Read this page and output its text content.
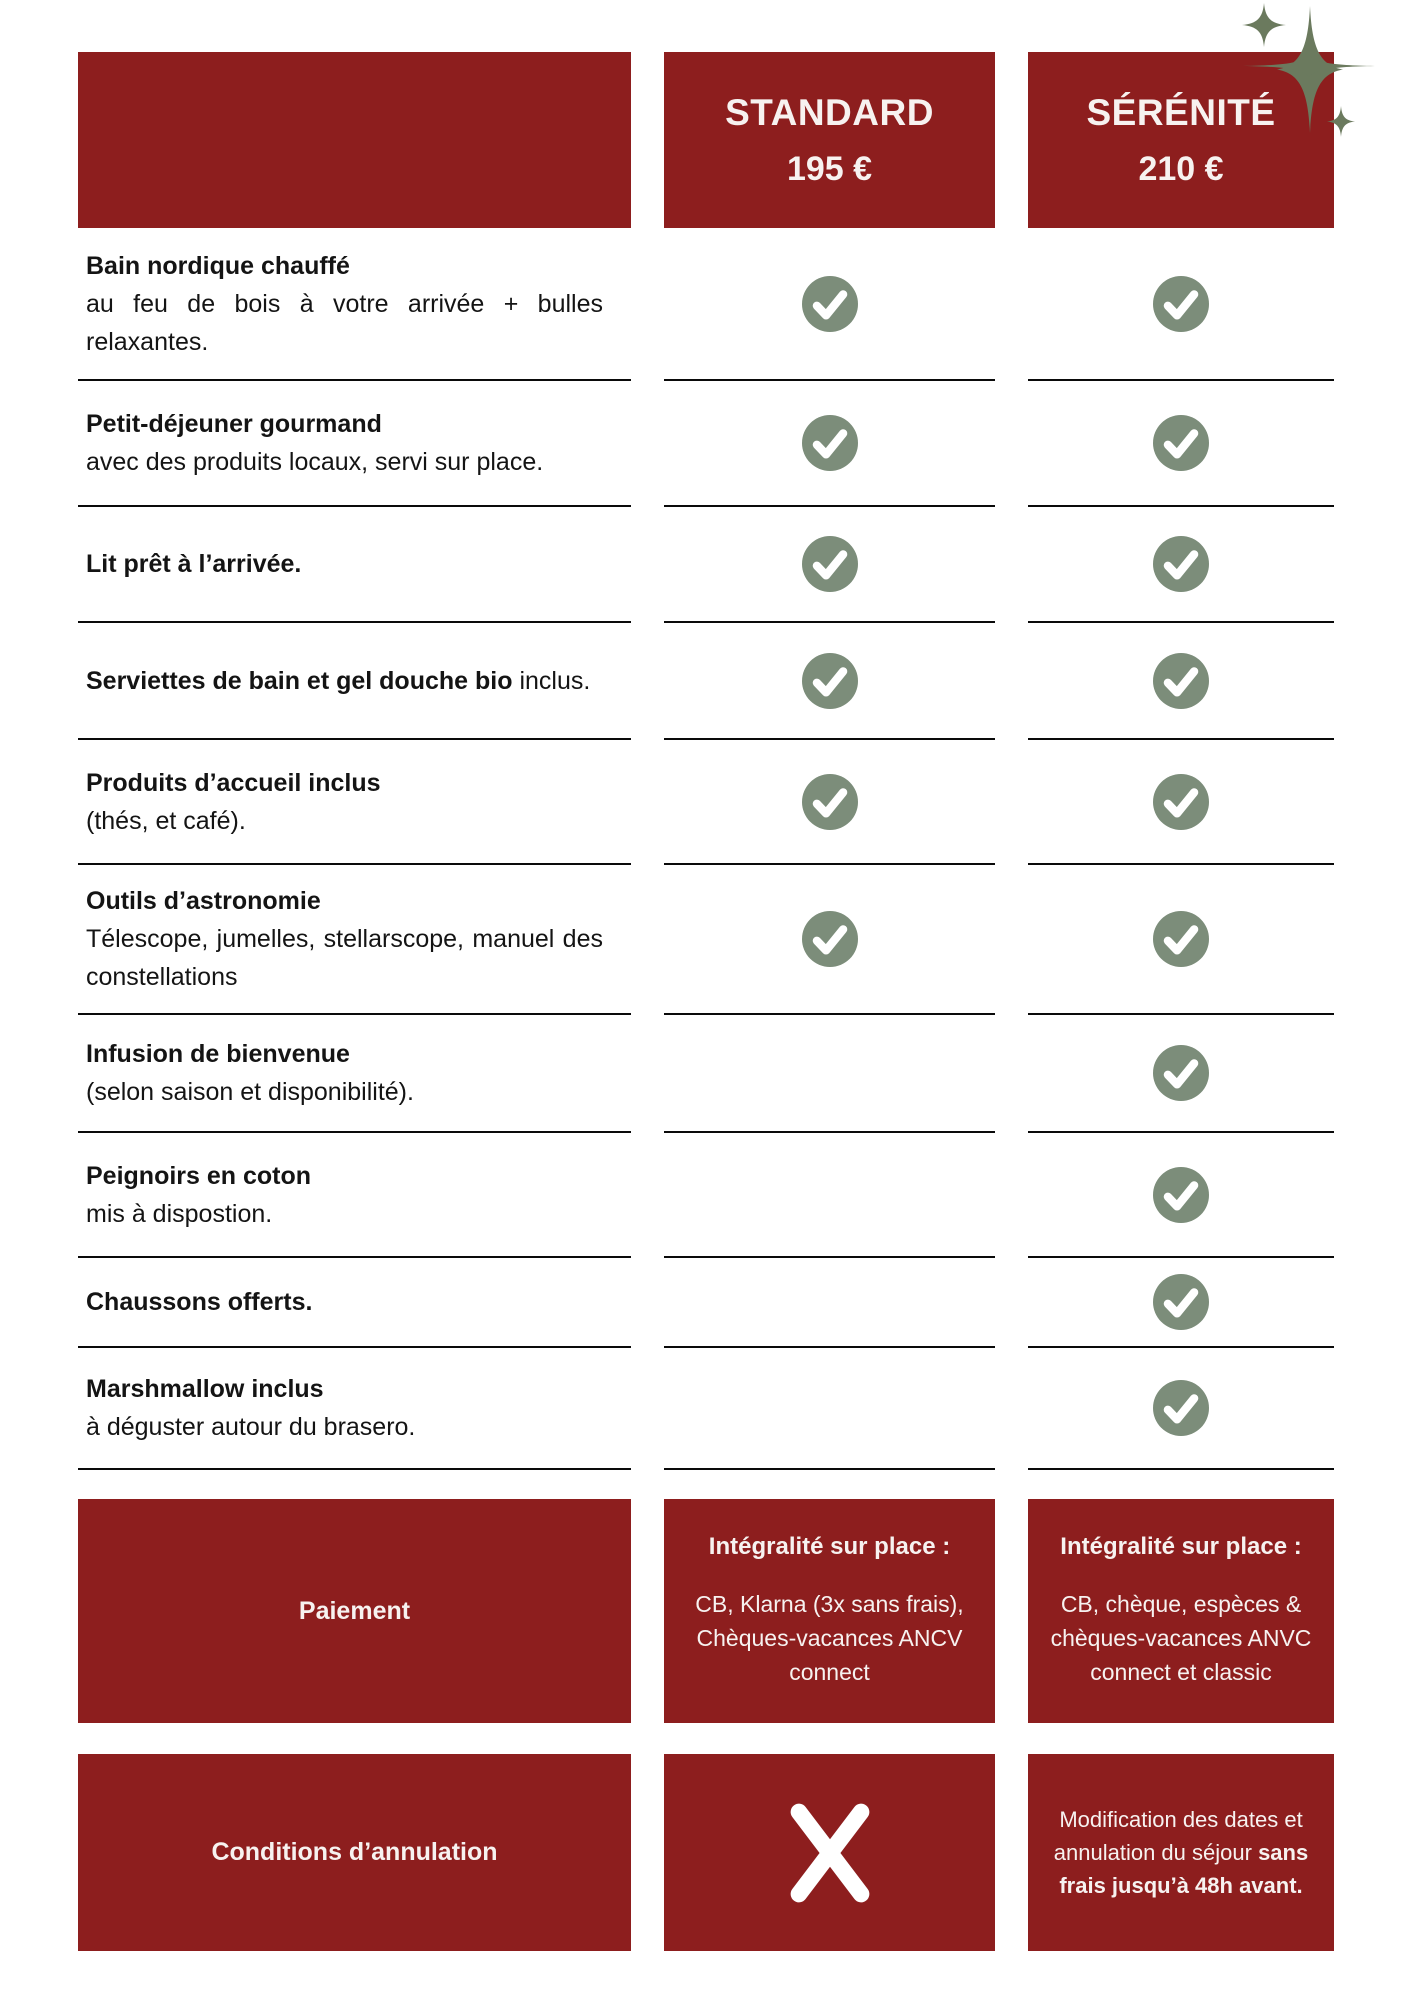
STANDARD
195 €
SÉRÉNITÉ
210 €

Bain nordique chauffé

au feu de bois à votre arrivée + bulles relaxantes.

Petit-déjeuner gourmand

avec des produits locaux, servi sur place.

Lit prêt à l’arrivée.

Serviettes de bain et gel douche bio inclus.

Produits d’accueil inclus

(thés, et café).

Outils d’astronomie

Télescope, jumelles, stellarscope, manuel des constellations

Infusion de bienvenue

(selon saison et disponibilité).

Peignoirs en coton

mis à dispostion.

Chaussons offerts.

Marshmallow inclus

à déguster autour du brasero.

Paiement
Intégralité sur place :
CB, Klarna (3x sans frais), Chèques-vacances ANCV connect
Intégralité sur place :
CB, chèque, espèces & chèques-vacances ANVC connect et classic
Conditions d’annulation

Modification des dates et annulation du séjour sans frais jusqu’à 48h avant.
